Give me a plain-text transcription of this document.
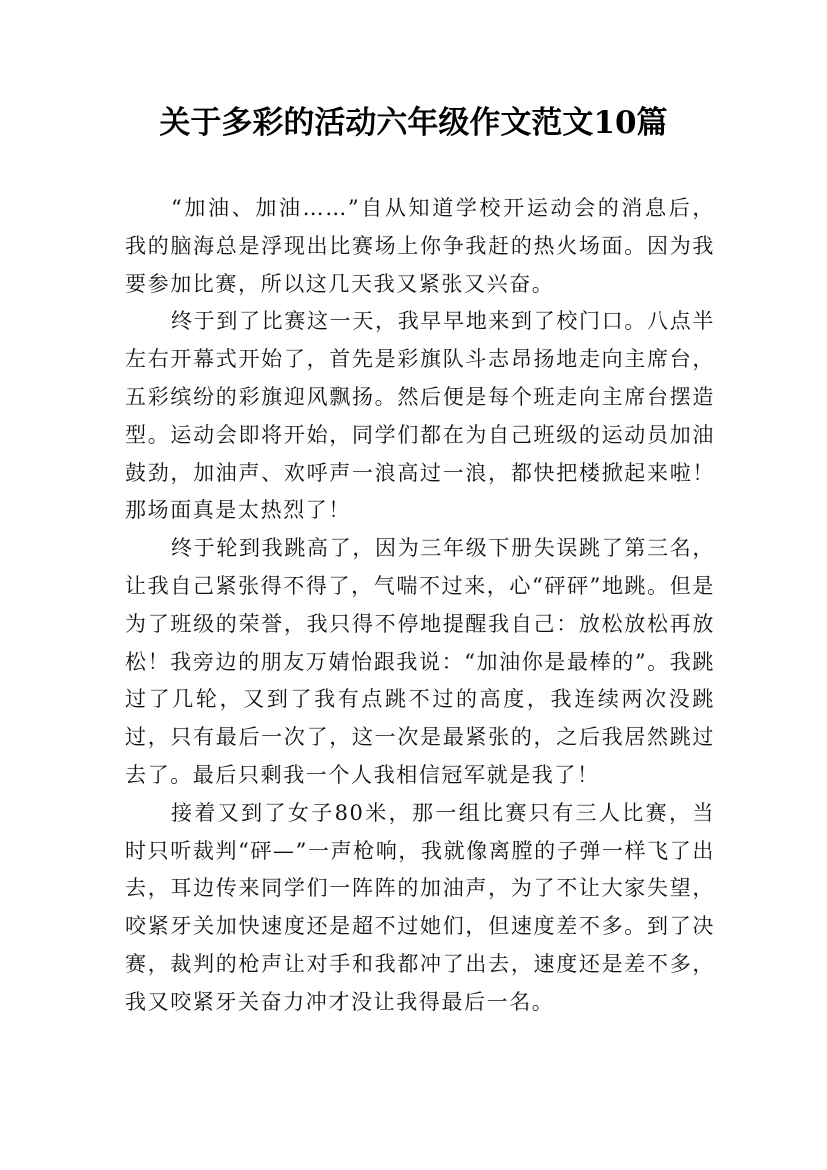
关于多彩的活动六年级作文范文10篇

“加油、加油……”自从知道学校开运动会的消息后，我的脑海总是浮现出比赛场上你争我赶的热火场面。因为我要参加比赛，所以这几天我又紧张又兴奋。

终于到了比赛这一天，我早早地来到了校门口。八点半左右开幕式开始了，首先是彩旗队斗志昂扬地走向主席台，五彩缤纷的彩旗迎风飘扬。然后便是每个班走向主席台摆造型。运动会即将开始，同学们都在为自己班级的运动员加油鼓劲，加油声、欢呼声一浪高过一浪，都快把楼掀起来啦！那场面真是太热烈了！

终于轮到我跳高了，因为三年级下册失误跳了第三名，让我自己紧张得不得了，气喘不过来，心“砰砰”地跳。但是为了班级的荣誉，我只得不停地提醒我自己：放松放松再放松！我旁边的朋友万婧怡跟我说：“加油你是最棒的”。我跳过了几轮，又到了我有点跳不过的高度，我连续两次没跳过，只有最后一次了，这一次是最紧张的，之后我居然跳过去了。最后只剩我一个人我相信冠军就是我了！

接着又到了女子80米，那一组比赛只有三人比赛，当时只听裁判“砰—”一声枪响，我就像离膛的子弹一样飞了出去，耳边传来同学们一阵阵的加油声，为了不让大家失望，咬紧牙关加快速度还是超不过她们，但速度差不多。到了决赛，裁判的枪声让对手和我都冲了出去，速度还是差不多，我又咬紧牙关奋力冲才没让我得最后一名。
